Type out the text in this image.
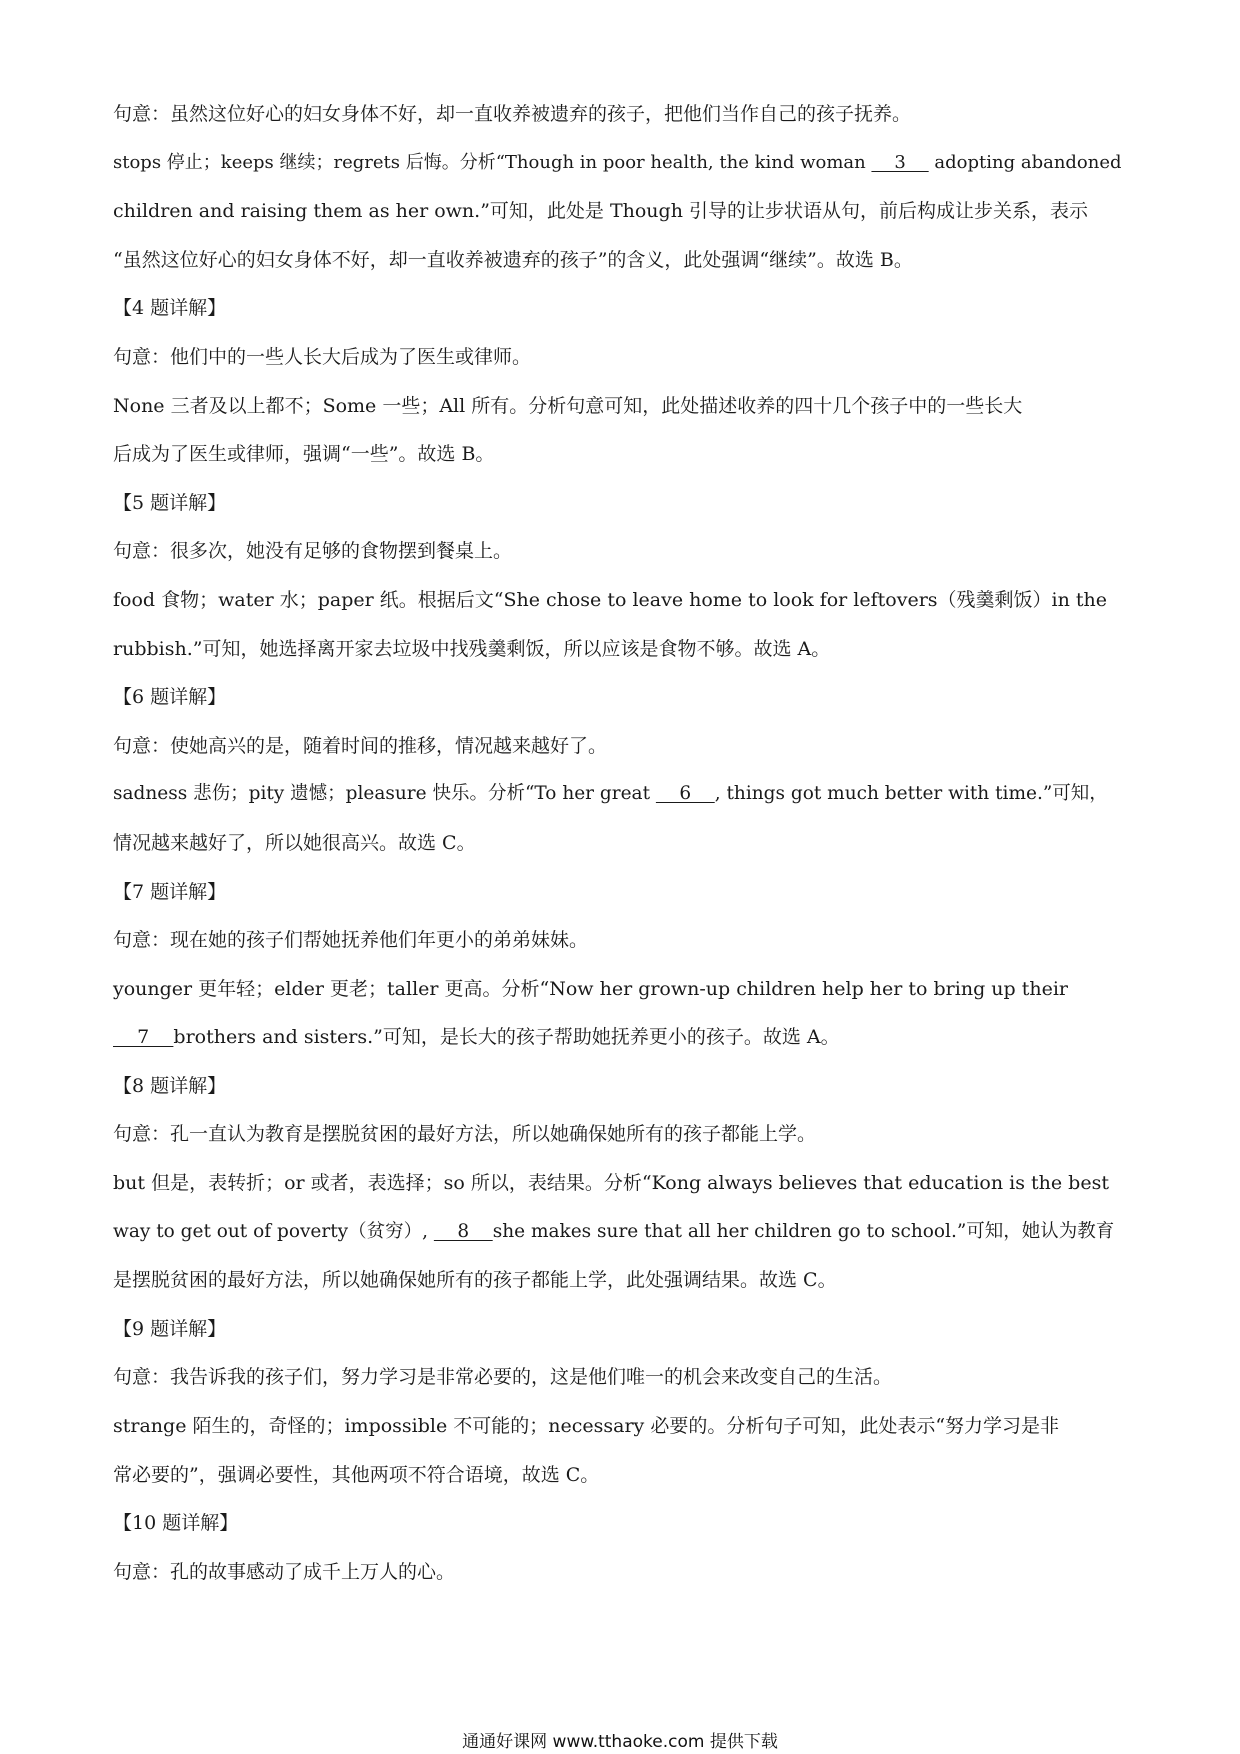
句意：虽然这位好心的妇女身体不好，却一直收养被遗弃的孩子，把他们当作自己的孩子抚养。

stops 停止；keeps 继续；regrets 后悔。分析“Though in poor health, the kind woman     3     adopting abandoned

children and raising them as her own.”可知，此处是 Though 引导的让步状语从句，前后构成让步关系，表示

“虽然这位好心的妇女身体不好，却一直收养被遗弃的孩子”的含义，此处强调“继续”。故选 B。

【4 题详解】

句意：他们中的一些人长大后成为了医生或律师。

None 三者及以上都不；Some 一些；All 所有。分析句意可知，此处描述收养的四十几个孩子中的一些长大

后成为了医生或律师，强调“一些”。故选 B。

【5 题详解】

句意：很多次，她没有足够的食物摆到餐桌上。

food 食物；water 水；paper 纸。根据后文“She chose to leave home to look for leftovers（残羹剩饭）in the

rubbish.”可知，她选择离开家去垃圾中找残羹剩饭，所以应该是食物不够。故选 A。

【6 题详解】

句意：使她高兴的是，随着时间的推移，情况越来越好了。

sadness 悲伤；pity 遗憾；pleasure 快乐。分析“To her great     6    , things got much better with time.”可知，

情况越来越好了，所以她很高兴。故选 C。

【7 题详解】

句意：现在她的孩子们帮她抚养他们年更小的弟弟妹妹。

younger 更年轻；elder 更老；taller 更高。分析“Now her grown-up children help her to bring up their

7    brothers and sisters.”可知，是长大的孩子帮助她抚养更小的孩子。故选 A。

【8 题详解】

句意：孔一直认为教育是摆脱贫困的最好方法，所以她确保她所有的孩子都能上学。

but 但是，表转折；or 或者，表选择；so 所以，表结果。分析“Kong always believes that education is the best

way to get out of poverty（贫穷）,     8    she makes sure that all her children go to school.”可知，她认为教育

是摆脱贫困的最好方法，所以她确保她所有的孩子都能上学，此处强调结果。故选 C。

【9 题详解】

句意：我告诉我的孩子们，努力学习是非常必要的，这是他们唯一的机会来改变自己的生活。

strange 陌生的，奇怪的；impossible 不可能的；necessary 必要的。分析句子可知，此处表示“努力学习是非

常必要的”，强调必要性，其他两项不符合语境，故选 C。

【10 题详解】

句意：孔的故事感动了成千上万人的心。

通通好课网 www.tthaoke.com 提供下载
